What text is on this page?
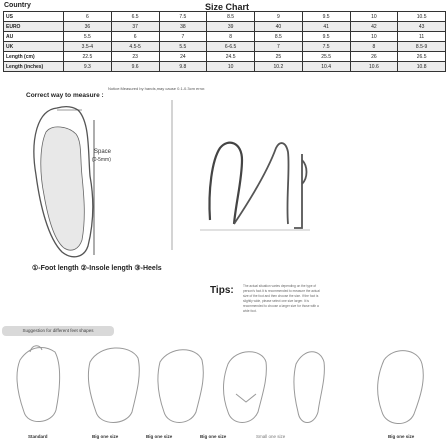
Country	Size Chart
US	6	6.5	7.5	8.5	9	9.5	10	10.5
EURO	36	37	38	39	40	41	42	43
AU	5.5	6	7	8	8.5	9.5	10	11
UK	3.5-4	4.5-5	5.5	6-6.5	7	7.5	8	8.5-9
Length (cm)	22.5	23	24	24.5	25	25.5	26	26.5
Length (inches)	9.3	9.6	9.8	10	10.2	10.4	10.6	10.8
Notice:Measured by hands,may cause 0.1-0.3cm error.
Correct way to measure :
Space
(0-5mm)
①-Foot length ②-Insole length ③-Heels
Tips:	The actual situation varies depending on the type of person's foot.It is recommended to measure the actual size of the foot and then choose the size. If the foot is slightly wide, please select one size larger. It is recommended to choose a larger size for those with a wide foot.
Suggestion for different feet shapes
Standard	Big one size	Big one size	Big one size	Small one size	Big one size
